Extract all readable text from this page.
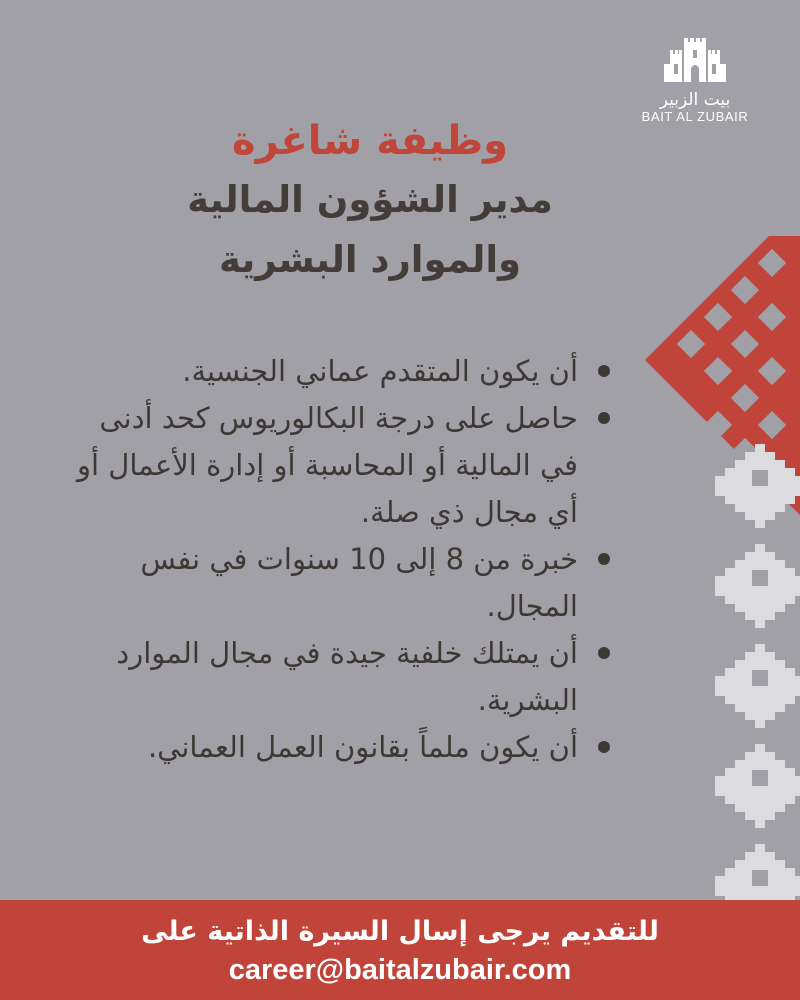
بيت الزبير
BAIT AL ZUBAIR
وظيفة شاغرة
مدير الشؤون المالية
والموارد البشرية
أن يكون المتقدم عماني الجنسية.
حاصل على درجة البكالوريوس كحد أدنى في المالية أو المحاسبة أو إدارة الأعمال أو أي مجال ذي صلة.
خبرة من 8 إلى 10 سنوات في نفس المجال.
أن يمتلك خلفية جيدة في مجال الموارد البشرية.
أن يكون ملماً بقانون العمل العماني.
للتقديم يرجى إسال السيرة الذاتية على
career@baitalzubair.com
